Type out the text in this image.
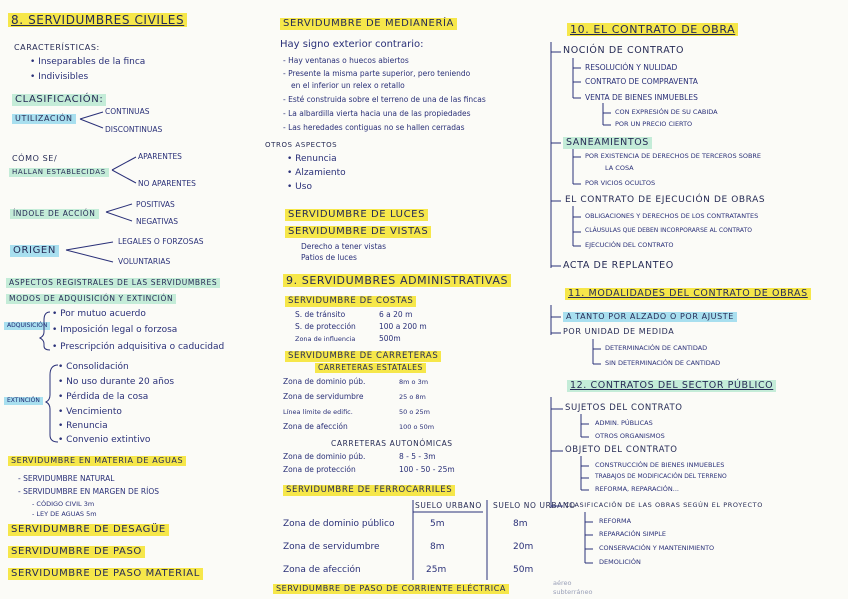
8. SERVIDUMBRES CIVILES
CARACTERÍSTICAS:
• Inseparables de la finca
• Indivisibles
CLASIFICACIÓN:
UTILIZACIÓN
CONTINUAS
DISCONTINUAS
CÓMO SE/
HALLAN ESTABLECIDAS
APARENTES
NO APARENTES
ÍNDOLE DE ACCIÓN
POSITIVAS
NEGATIVAS
ORIGEN
LEGALES O FORZOSAS
VOLUNTARIAS
ASPECTOS REGISTRALES DE LAS SERVIDUMBRES
MODOS DE ADQUISICIÓN Y EXTINCIÓN
ADQUISICIÓN
• Por mutuo acuerdo
• Imposición legal o forzosa
• Prescripción adquisitiva o caducidad
EXTINCIÓN
• Consolidación
• No uso durante 20 años
• Pérdida de la cosa
• Vencimiento
• Renuncia
• Convenio extintivo
SERVIDUMBRE EN MATERIA DE AGUAS
- SERVIDUMBRE NATURAL
- SERVIDUMBRE EN MARGEN DE RÍOS
- CÓDIGO CIVIL 3m
- LEY DE AGUAS 5m
SERVIDUMBRE DE DESAGÜE
SERVIDUMBRE DE PASO
SERVIDUMBRE DE PASO MATERIAL
SERVIDUMBRE DE MEDIANERÍA
Hay signo exterior contrario:
- Hay ventanas o huecos abiertos
- Presente la misma parte superior, pero teniendo
en el inferior un relex o retallo
- Esté construida sobre el terreno de una de las fincas
- La albardilla vierta hacia una de las propiedades
- Las heredades contiguas no se hallen cerradas
OTROS ASPECTOS
• Renuncia
• Alzamiento
• Uso
SERVIDUMBRE DE LUCES
SERVIDUMBRE DE VISTAS
Derecho a tener vistas
Patios de luces
9. SERVIDUMBRES ADMINISTRATIVAS
SERVIDUMBRE DE COSTAS
S. de tránsito	6 a 20 m
S. de protección	100 a 200 m
Zona de influencia	500m
SERVIDUMBRE DE CARRETERAS
CARRETERAS ESTATALES
Zona de dominio púb.	8m o 3m
Zona de servidumbre	25 o 8m
Línea límite de edific.	50 o 25m
Zona de afección	100 o 50m
CARRETERAS AUTONÓMICAS
Zona de dominio púb.	8 - 5 - 3m
Zona de protección	100 - 50 - 25m
SERVIDUMBRE DE FERROCARRILES
SUELO URBANO SUELO NO URBANO
Zona de dominio público	5m	8m
Zona de servidumbre	8m	20m
Zona de afección	25m	50m
SERVIDUMBRE DE PASO DE CORRIENTE ELÉCTRICA
aéreo
subterráneo
10. EL CONTRATO DE OBRA
NOCIÓN DE CONTRATO
RESOLUCIÓN Y NULIDAD
CONTRATO DE COMPRAVENTA
VENTA DE BIENES INMUEBLES
CON EXPRESIÓN DE SU CABIDA
POR UN PRECIO CIERTO
SANEAMIENTOS
POR EXISTENCIA DE DERECHOS DE TERCEROS SOBRE
LA COSA
POR VICIOS OCULTOS
EL CONTRATO DE EJECUCIÓN DE OBRAS
OBLIGACIONES Y DERECHOS DE LOS CONTRATANTES
CLÁUSULAS QUE DEBEN INCORPORARSE AL CONTRATO
EJECUCIÓN DEL CONTRATO
ACTA DE REPLANTEO
11. MODALIDADES DEL CONTRATO DE OBRAS
A TANTO POR ALZADO O POR AJUSTE
POR UNIDAD DE MEDIDA
DETERMINACIÓN DE CANTIDAD
SIN DETERMINACIÓN DE CANTIDAD
12. CONTRATOS DEL SECTOR PÚBLICO
SUJETOS DEL CONTRATO
ADMIN. PÚBLICAS
OTROS ORGANISMOS
OBJETO DEL CONTRATO
CONSTRUCCIÓN DE BIENES INMUEBLES
TRABAJOS DE MODIFICACIÓN DEL TERRENO
REFORMA, REPARACIÓN...
CLASIFICACIÓN DE LAS OBRAS SEGÚN EL PROYECTO
REFORMA
REPARACIÓN SIMPLE
CONSERVACIÓN Y MANTENIMIENTO
DEMOLICIÓN
